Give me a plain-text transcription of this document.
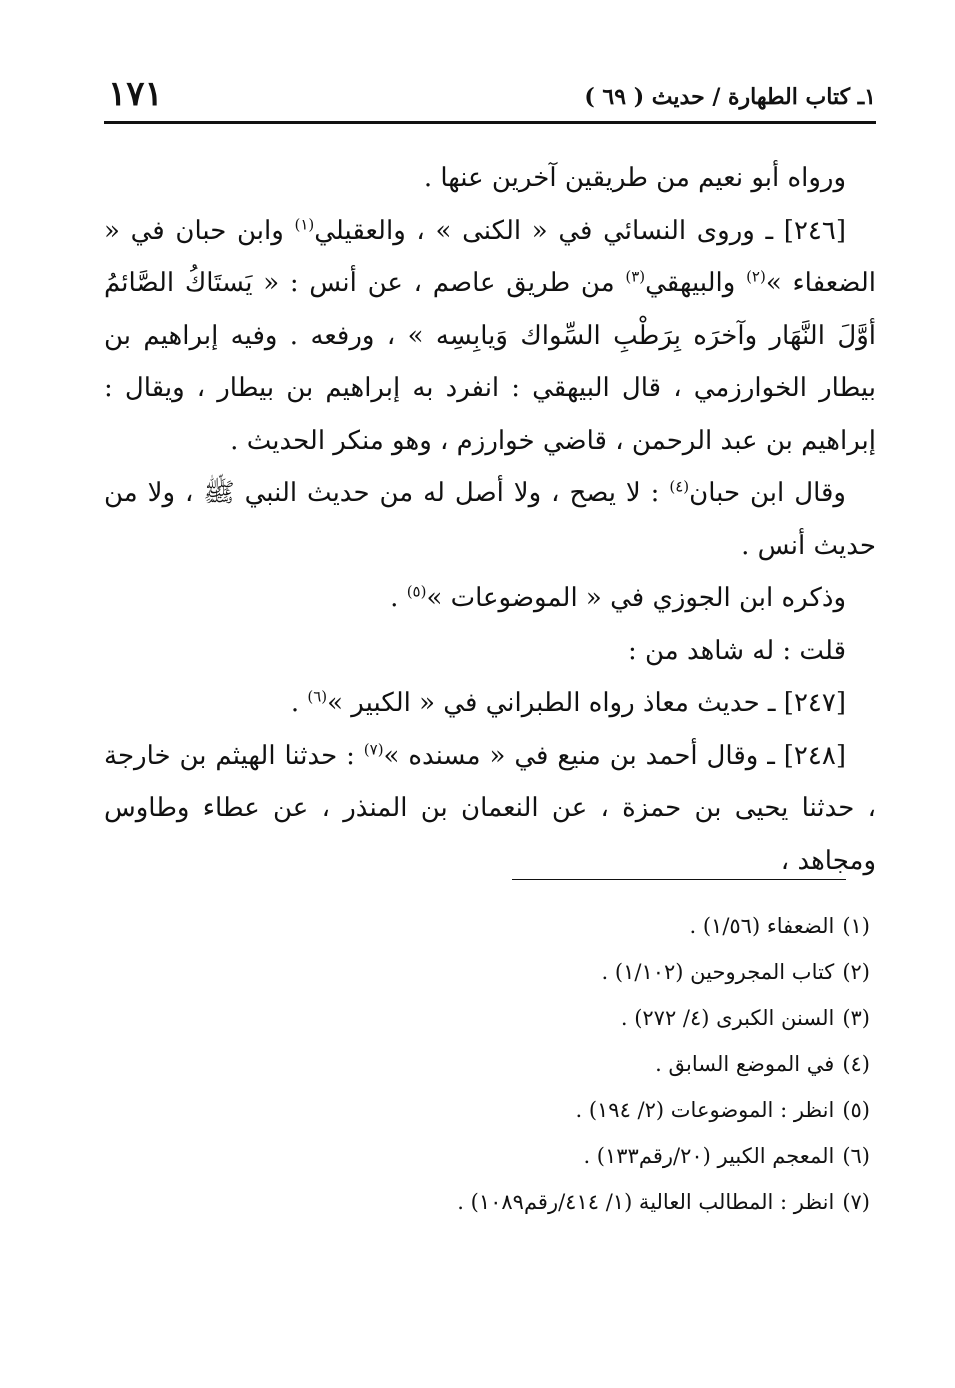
١ـ كتاب الطهارة / حديث ( ٦٩ )
١٧١

ورواه أبو نعيم من طريقين آخرين عنها .

[٢٤٦] ـ وروى النسائي في « الكنى » ، والعقيلي$^{(١)}$ وابن حبان في « الضعفاء »$^{(٢)}$ والبيهقي$^{(٣)}$ من طريق عاصم ، عن أنس : « يَستَاكُ الصَّائمُ أوَّلَ النَّهَار وآخرَه بِرَطْبِ السِّواك وَيابِسِه » ، ورفعه . وفيه إبراهيم بن بيطار الخوارزمي ، قال البيهقي : انفرد به إبراهيم بن بيطار ، ويقال : إبراهيم بن عبد الرحمن ، قاضي خوارزم ، وهو منكر الحديث .

وقال ابن حبان$^{(٤)}$ : لا يصح ، ولا أصل له من حديث النبي ﷺ ، ولا من حديث أنس .

وذكره ابن الجوزي في « الموضوعات »$^{(٥)}$ .

قلت : له شاهد من :

[٢٤٧] ـ حديث معاذ رواه الطبراني في « الكبير »$^{(٦)}$ .

[٢٤٨] ـ وقال أحمد بن منيع في « مسنده »$^{(٧)}$ : حدثنا الهيثم بن خارجة ، حدثنا يحيى بن حمزة ، عن النعمان بن المنذر ، عن عطاء وطاوس ومجاهد ،

(١)الضعفاء (١/٥٦) .

(٢)كتاب المجروحين (١/١٠٢) .

(٣)السنن الكبرى (٤/ ٢٧٢) .

(٤)في الموضع السابق .

(٥)انظر : الموضوعات (٢/ ١٩٤) .

(٦)المعجم الكبير (٢٠/رقم١٣٣) .

(٧)انظر : المطالب العالية (١/ ٤١٤/رقم١٠٨٩) .
